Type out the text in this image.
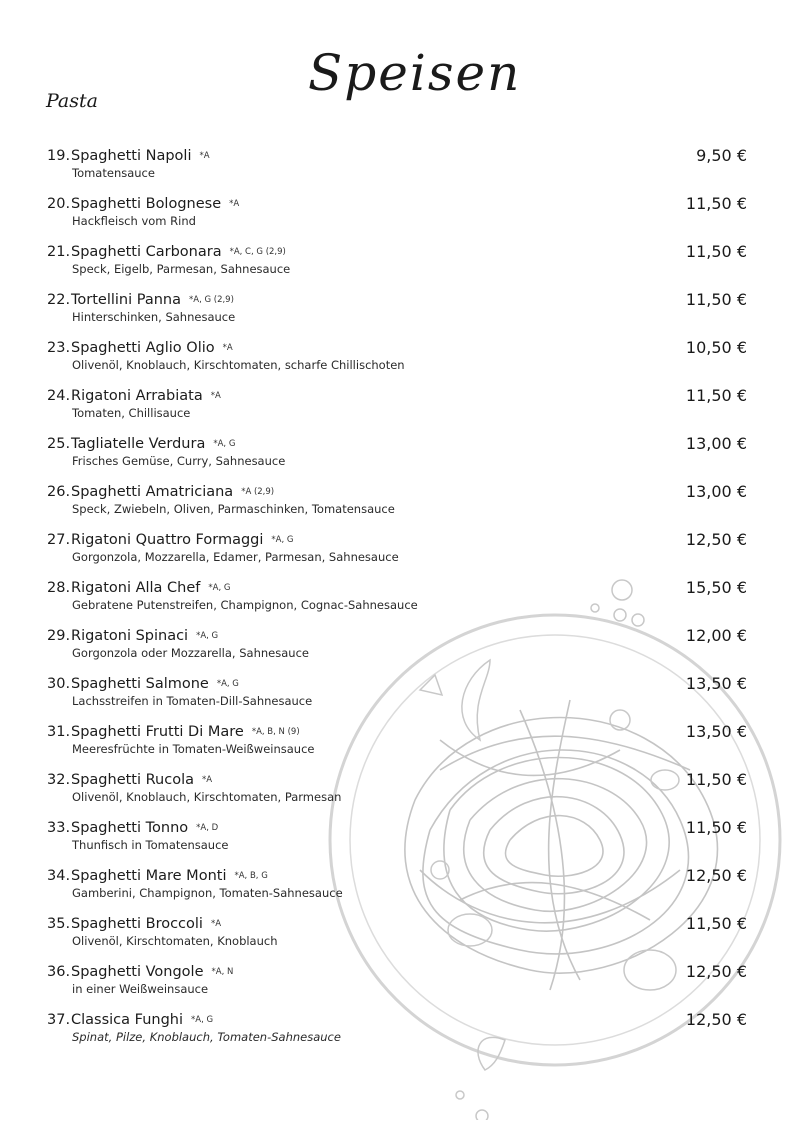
Speisen
Pasta
19.Spaghetti Napoli *A
Tomatensauce
9,50 €
20.Spaghetti Bolognese *A
Hackfleisch vom Rind
11,50 €
21.Spaghetti Carbonara *A, C, G (2,9)
Speck, Eigelb, Parmesan, Sahnesauce
11,50 €
22.Tortellini Panna *A, G (2,9)
Hinterschinken, Sahnesauce
11,50 €
23.Spaghetti Aglio Olio *A
Olivenöl, Knoblauch, Kirschtomaten, scharfe Chillischoten
10,50 €
24.Rigatoni Arrabiata *A
Tomaten, Chillisauce
11,50 €
25.Tagliatelle Verdura *A, G
Frisches Gemüse, Curry, Sahnesauce
13,00 €
26.Spaghetti Amatriciana *A (2,9)
Speck, Zwiebeln, Oliven, Parmaschinken, Tomatensauce
13,00 €
27.Rigatoni Quattro Formaggi *A, G
Gorgonzola, Mozzarella, Edamer, Parmesan, Sahnesauce
12,50 €
28.Rigatoni Alla Chef *A, G
Gebratene Putenstreifen, Champignon, Cognac-Sahnesauce
15,50 €
29.Rigatoni Spinaci *A, G
Gorgonzola oder Mozzarella, Sahnesauce
12,00 €
30.Spaghetti Salmone *A, G
Lachsstreifen in Tomaten-Dill-Sahnesauce
13,50 €
31.Spaghetti Frutti Di Mare *A, B, N (9)
Meeresfrüchte in Tomaten-Weißweinsauce
13,50 €
32.Spaghetti Rucola *A
Olivenöl, Knoblauch, Kirschtomaten, Parmesan
11,50 €
33.Spaghetti Tonno *A, D
Thunfisch in Tomatensauce
11,50 €
34.Spaghetti Mare Monti *A, B, G
Gamberini, Champignon, Tomaten-Sahnesauce
12,50 €
35.Spaghetti Broccoli *A
Olivenöl, Kirschtomaten, Knoblauch
11,50 €
36.Spaghetti Vongole *A, N
in einer Weißweinsauce
12,50 €
37.Classica Funghi *A, G
Spinat, Pilze, Knoblauch, Tomaten-Sahnesauce
12,50 €
